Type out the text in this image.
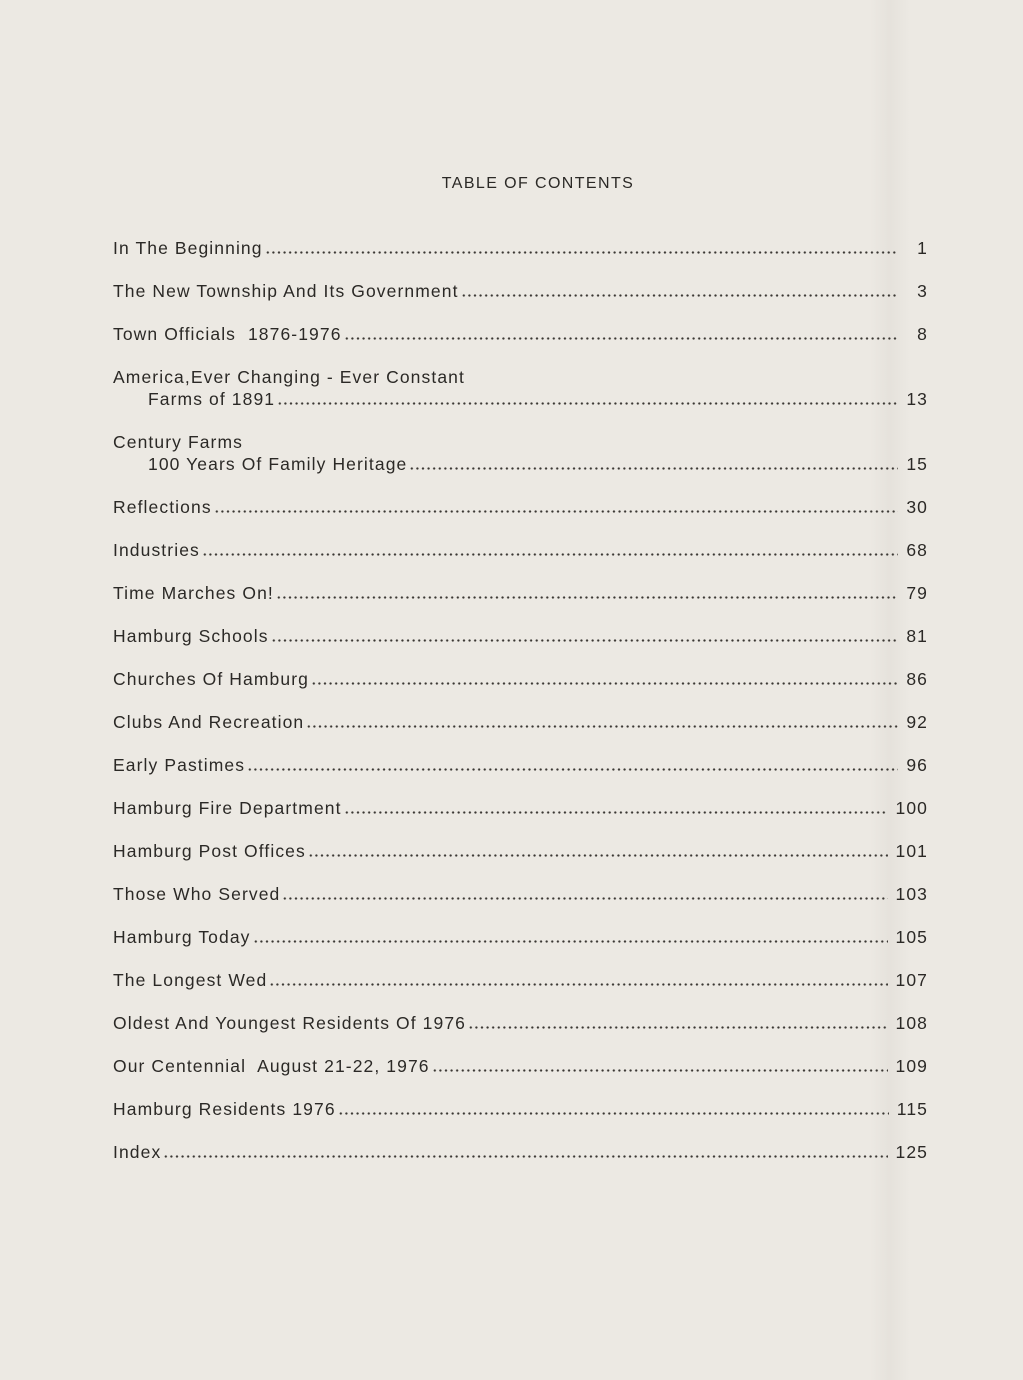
TABLE OF CONTENTS
In The Beginning	1
The New Township And Its Government	3
Town Officials  1876-1976	8
America,Ever Changing - Ever Constant
Farms of 1891	13
Century Farms
100 Years Of Family Heritage	15
Reflections	30
Industries	68
Time Marches On!	79
Hamburg Schools	81
Churches Of Hamburg	86
Clubs And Recreation	92
Early Pastimes	96
Hamburg Fire Department	100
Hamburg Post Offices	101
Those Who Served	103
Hamburg Today	105
The Longest Wed	107
Oldest And Youngest Residents Of 1976	108
Our Centennial  August 21-22, 1976	109
Hamburg Residents 1976	115
Index	125
